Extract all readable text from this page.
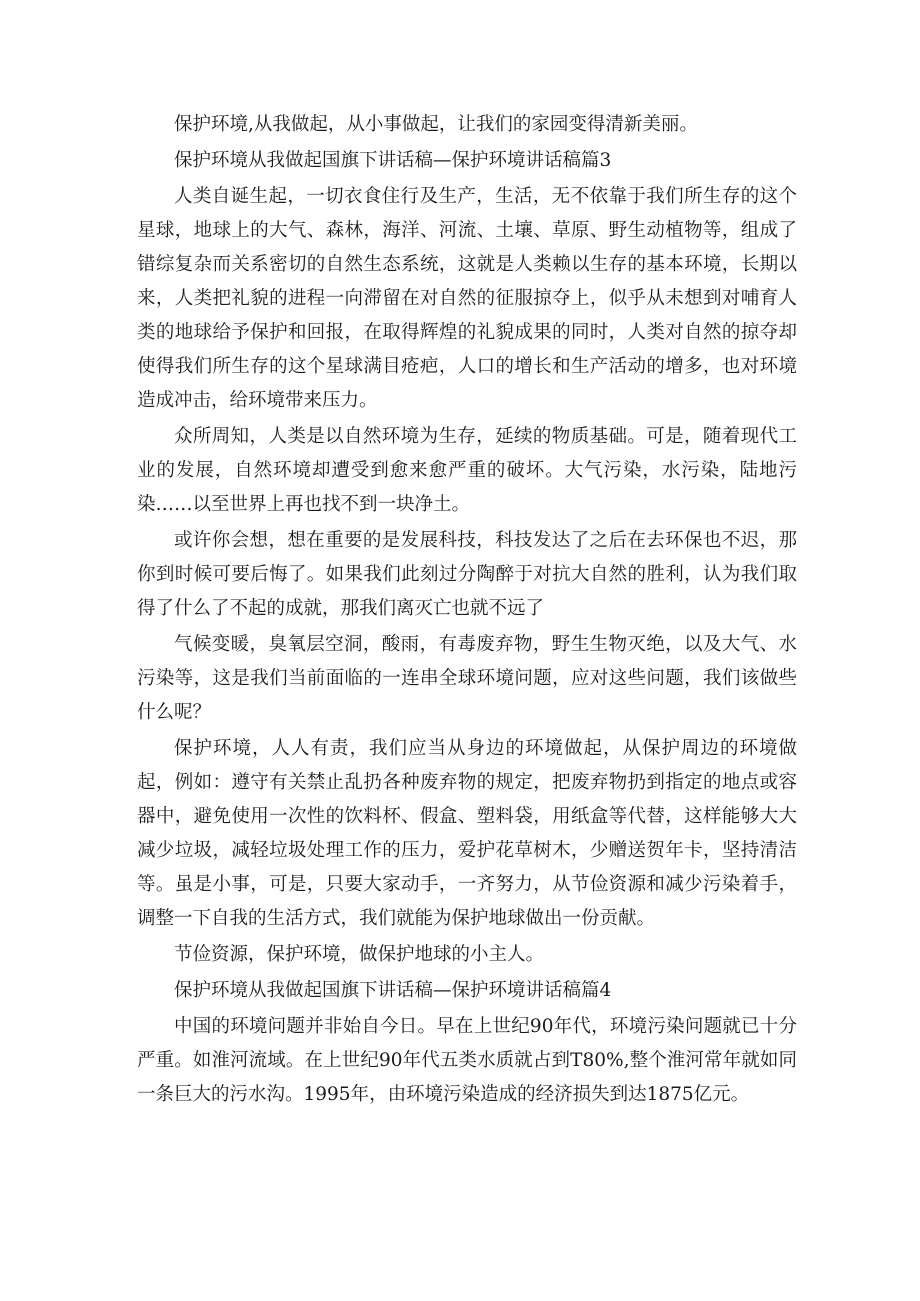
保护环境,从我做起，从小事做起，让我们的家园变得清新美丽。

保护环境从我做起国旗下讲话稿—保护环境讲话稿篇3

人类自诞生起，一切衣食住行及生产，生活，无不依靠于我们所生存的这个星球，地球上的大气、森林，海洋、河流、土壤、草原、野生动植物等，组成了错综复杂而关系密切的自然生态系统，这就是人类赖以生存的基本环境，长期以来，人类把礼貌的进程一向滞留在对自然的征服掠夺上，似乎从未想到对哺育人类的地球给予保护和回报，在取得辉煌的礼貌成果的同时，人类对自然的掠夺却使得我们所生存的这个星球满目疮疤，人口的增长和生产活动的增多，也对环境造成冲击，给环境带来压力。

众所周知，人类是以自然环境为生存，延续的物质基础。可是，随着现代工业的发展，自然环境却遭受到愈来愈严重的破坏。大气污染，水污染，陆地污染……以至世界上再也找不到一块净土。

或许你会想，想在重要的是发展科技，科技发达了之后在去环保也不迟，那你到时候可要后悔了。如果我们此刻过分陶醉于对抗大自然的胜利，认为我们取得了什么了不起的成就，那我们离灭亡也就不远了

气候变暖，臭氧层空洞，酸雨，有毒废弃物，野生生物灭绝，以及大气、水污染等，这是我们当前面临的一连串全球环境问题，应对这些问题，我们该做些什么呢？

保护环境，人人有责，我们应当从身边的环境做起，从保护周边的环境做起，例如：遵守有关禁止乱扔各种废弃物的规定，把废弃物扔到指定的地点或容器中，避免使用一次性的饮料杯、假盒、塑料袋，用纸盒等代替，这样能够大大减少垃圾，减轻垃圾处理工作的压力，爱护花草树木，少赠送贺年卡，坚持清洁等。虽是小事，可是，只要大家动手，一齐努力，从节俭资源和减少污染着手，调整一下自我的生活方式，我们就能为保护地球做出一份贡献。

节俭资源，保护环境，做保护地球的小主人。

保护环境从我做起国旗下讲话稿—保护环境讲话稿篇4

中国的环境问题并非始自今日。早在上世纪90年代，环境污染问题就已十分严重。如淮河流域。在上世纪90年代五类水质就占到T80%,整个淮河常年就如同一条巨大的污水沟。1995年，由环境污染造成的经济损失到达1875亿元。
